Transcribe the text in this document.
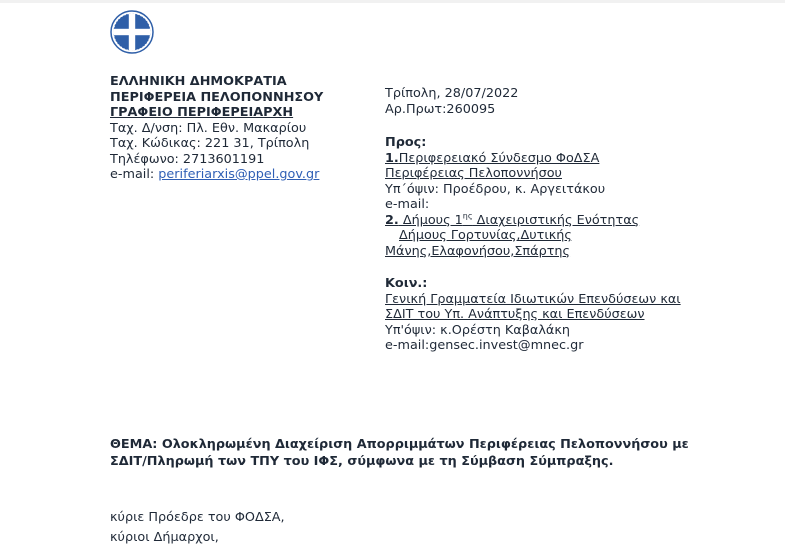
ΕΛΛΗΝΙΚΗ ΔΗΜΟΚΡΑΤΙΑ
ΠΕΡΙΦΕΡΕΙΑ ΠΕΛΟΠΟΝΝΗΣΟΥ
ΓΡΑΦΕΙΟ ΠΕΡΙΦΕΡΕΙΑΡΧΗ
Ταχ. Δ/νση: Πλ. Εθν. Μακαρίου
Ταχ. Κώδικας: 221 31, Τρίπολη
Τηλέφωνο: 2713601191
e-mail: periferiarxis@ppel.gov.gr
Τρίπολη, 28/07/2022
Αρ.Πρωτ:260095
Προς:
1.Περιφερειακό Σύνδεσμο ΦοΔΣΑ
Περιφέρειας Πελοποννήσου
Υπ΄όψιν: Προέδρου, κ. Αργειτάκου
e-mail:
2. Δήμους $1^{\eta\varsigma}$ Διαχειριστικής Ενότητας
Δήμους Γορτυνίας,Δυτικής
Μάνης,Ελαφονήσου,Σπάρτης
Κοιν.:
Γενική Γραμματεία Ιδιωτικών Επενδύσεων και
ΣΔΙΤ του Υπ. Ανάπτυξης και Επενδύσεων
Υπ'όψιν: κ.Ορέστη Καβαλάκη
e-mail:gensec.invest@mnec.gr
ΘΕΜΑ: Ολοκληρωμένη Διαχείριση Απορριμμάτων Περιφέρειας Πελοποννήσου με
ΣΔΙΤ/Πληρωμή των ΤΠΥ του ΙΦΣ, σύμφωνα με τη Σύμβαση Σύμπραξης.
κύριε Πρόεδρε του ΦΟΔΣΑ,
κύριοι Δήμαρχοι,
